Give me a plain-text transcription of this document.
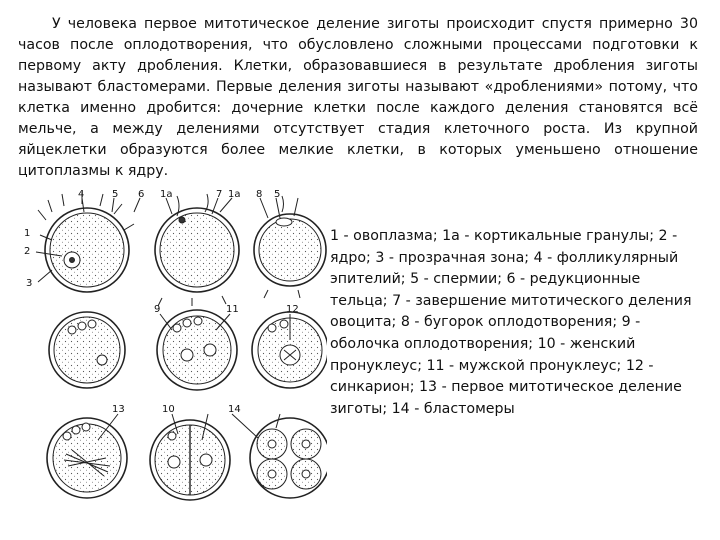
У человека первое митотическое деление зиготы происходит спустя примерно 30 часов после оплодотворения, что обусловлено сложными процессами подготовки к первому акту дробления. Клетки, образовавшиеся в результате дробления зиготы называют бластомерами. Первые деления зиготы называют «дроблениями» потому, что клетка именно дробится: дочерние клетки после каждого деления становятся всё мельче, а между делениями отсутствует стадия клеточного роста. Из крупной яйцеклетки образуются более мелкие клетки, в которых уменьшено отношение цитоплазмы к ядру.

1
2
3
4	5 6 1а	7 1а 8 5
9	11	12
13	10	14

1 - овоплазма; 1а - кортикальные гранулы; 2 - ядро; 3 - прозрачная зона; 4 - фолликулярный эпителий; 5 - спермии; 6 - редукционные тельца; 7 - завершение митотического деления овоцита; 8 - бугорок оплодотворения; 9 - оболочка оплодотворения; 10 - женский пронуклеус; 11 - мужской пронуклеус; 12 - синкарион; 13 - первое митотическое деление зиготы; 14 - бластомеры
